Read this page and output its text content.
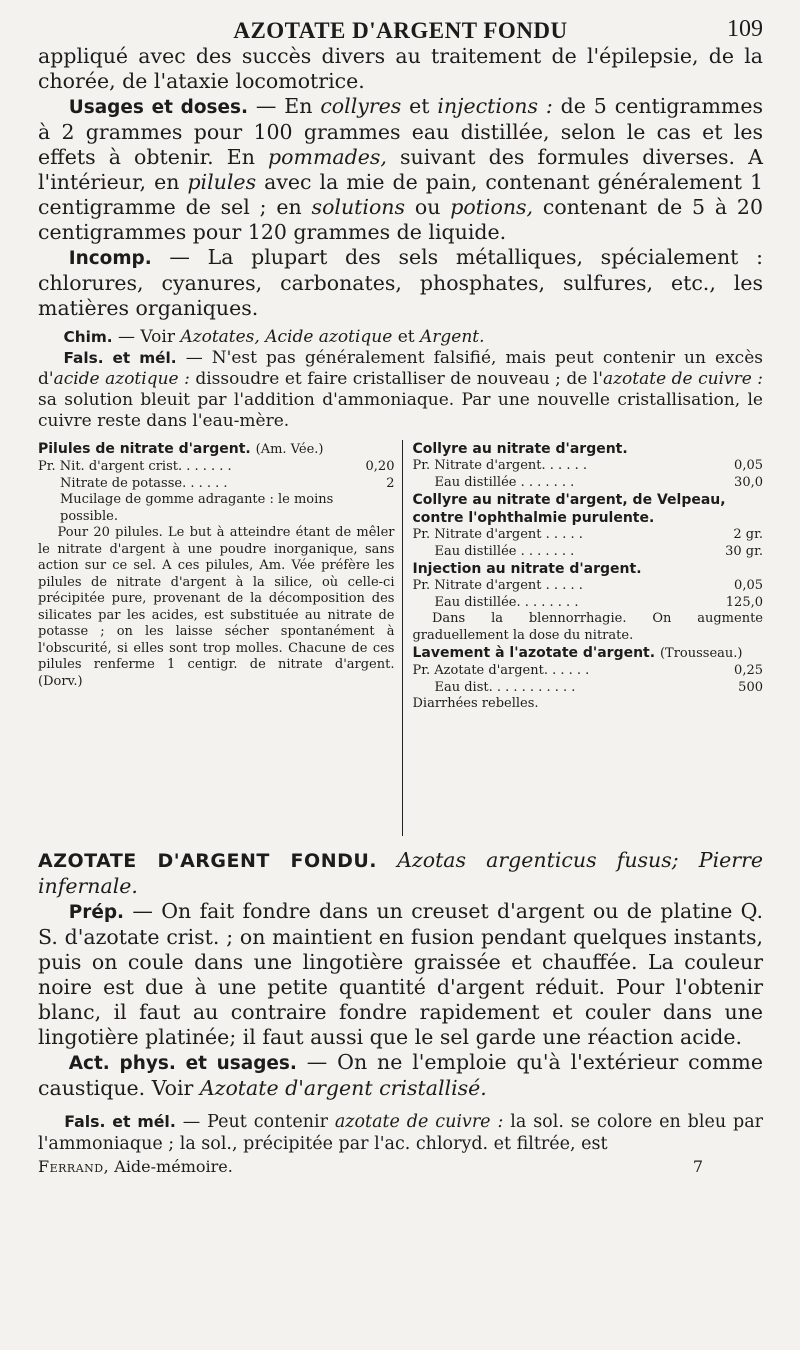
AZOTATE D'ARGENT FONDU	109

appliqué avec des succès divers au traitement de l'épilepsie, de la chorée, de l'ataxie locomotrice.

Usages et doses. — En collyres et injections : de 5 centigrammes à 2 grammes pour 100 grammes eau distillée, selon le cas et les effets à obtenir. En pommades, suivant des formules diverses. A l'intérieur, en pilules avec la mie de pain, contenant généralement 1 centigramme de sel ; en solutions ou potions, contenant de 5 à 20 centigrammes pour 120 grammes de liquide.

Incomp. — La plupart des sels métalliques, spécialement : chlorures, cyanures, carbonates, phosphates, sulfures, etc., les matières organiques.

Chim. — Voir Azotates, Acide azotique et Argent.

Fals. et mél. — N'est pas généralement falsifié, mais peut contenir un excès d'acide azotique : dissoudre et faire cristalliser de nouveau ; de l'azotate de cuivre : sa solution bleuit par l'addition d'ammoniaque. Par une nouvelle cristallisation, le cuivre reste dans l'eau-mère.

Pilules de nitrate d'argent. (Am. Vée.)

Pr. Nit. d'argent crist. . . . . . .	0,20
Nitrate de potasse. . . . . .	2
Mucilage de gomme adragante : le moins possible.

Pour 20 pilules. Le but à atteindre étant de mêler le nitrate d'argent à une poudre inorganique, sans action sur ce sel. A ces pilules, Am. Vée préfère les pilules de nitrate d'argent à la silice, où celle-ci précipitée pure, provenant de la décomposition des silicates par les acides, est substituée au nitrate de potasse ; on les laisse sécher spontanément à l'obscurité, si elles sont trop molles. Chacune de ces pilules renferme 1 centigr. de nitrate d'argent. (Dorv.)

Collyre au nitrate d'argent.

Pr. Nitrate d'argent. . . . . .	0,05
Eau distillée . . . . . . .	30,0

Collyre au nitrate d'argent, de Velpeau, contre l'ophthalmie purulente.

Pr. Nitrate d'argent . . . . .	2 gr.
Eau distillée . . . . . . .	30 gr.

Injection au nitrate d'argent.

Pr. Nitrate d'argent . . . . .	0,05
Eau distillée. . . . . . . .	125,0

Dans la blennorrhagie. On augmente graduellement la dose du nitrate.

Lavement à l'azotate d'argent. (Trousseau.)

Pr. Azotate d'argent. . . . . .	0,25
Eau dist. . . . . . . . . . .	500

Diarrhées rebelles.

AZOTATE D'ARGENT FONDU. Azotas argenticus fusus; Pierre infernale.

Prép. — On fait fondre dans un creuset d'argent ou de platine Q. S. d'azotate crist. ; on maintient en fusion pendant quelques instants, puis on coule dans une lingotière graissée et chauffée. La couleur noire est due à une petite quantité d'argent réduit. Pour l'obtenir blanc, il faut au contraire fondre rapidement et couler dans une lingotière platinée; il faut aussi que le sel garde une réaction acide.

Act. phys. et usages. — On ne l'emploie qu'à l'extérieur comme caustique. Voir Azotate d'argent cristallisé.

Fals. et mél. — Peut contenir azotate de cuivre : la sol. se colore en bleu par l'ammoniaque ; la sol., précipitée par l'ac. chloryd. et filtrée, est

Ferrand, Aide-mémoire.	7
